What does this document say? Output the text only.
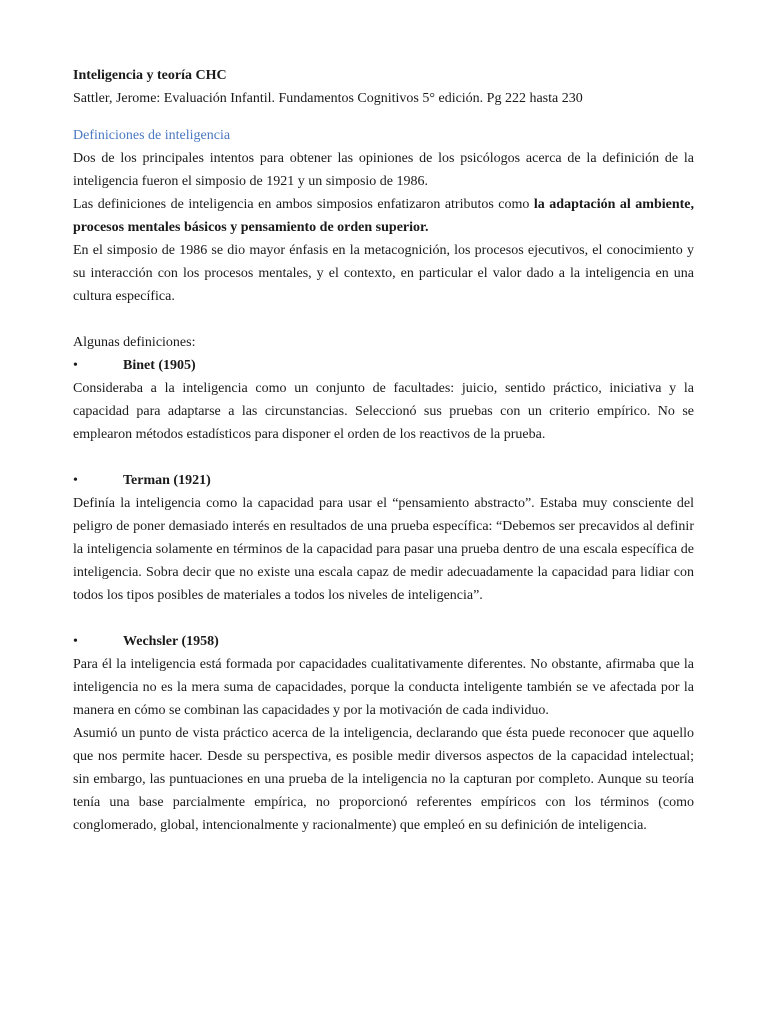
Inteligencia y teoría CHC

Sattler, Jerome: Evaluación Infantil. Fundamentos Cognitivos 5° edición. Pg 222 hasta 230

Definiciones de inteligencia

Dos de los principales intentos para obtener las opiniones de los psicólogos acerca de la definición de la inteligencia fueron el simposio de 1921 y un simposio de 1986.

Las definiciones de inteligencia en ambos simposios enfatizaron atributos como la adaptación al ambiente, procesos mentales básicos y pensamiento de orden superior.

En el simposio de 1986 se dio mayor énfasis en la metacognición, los procesos ejecutivos, el conocimiento y su interacción con los procesos mentales, y el contexto, en particular el valor dado a la inteligencia en una cultura específica.

Algunas definiciones:

•	Binet (1905)

Consideraba a la inteligencia como un conjunto de facultades: juicio, sentido práctico, iniciativa y la capacidad para adaptarse a las circunstancias. Seleccionó sus pruebas con un criterio empírico. No se emplearon métodos estadísticos para disponer el orden de los reactivos de la prueba.

•	Terman (1921)

Definía la inteligencia como la capacidad para usar el “pensamiento abstracto”. Estaba muy consciente del peligro de poner demasiado interés en resultados de una prueba específica: “Debemos ser precavidos al definir la inteligencia solamente en términos de la capacidad para pasar una prueba dentro de una escala específica de inteligencia. Sobra decir que no existe una escala capaz de medir adecuadamente la capacidad para lidiar con todos los tipos posibles de materiales a todos los niveles de inteligencia”.

•	Wechsler (1958)

Para él la inteligencia está formada por capacidades cualitativamente diferentes. No obstante, afirmaba que la inteligencia no es la mera suma de capacidades, porque la conducta inteligente también se ve afectada por la manera en cómo se combinan las capacidades y por la motivación de cada individuo.

Asumió un punto de vista práctico acerca de la inteligencia, declarando que ésta puede reconocer que aquello que nos permite hacer. Desde su perspectiva, es posible medir diversos aspectos de la capacidad intelectual; sin embargo, las puntuaciones en una prueba de la inteligencia no la capturan por completo. Aunque su teoría tenía una base parcialmente empírica, no proporcionó referentes empíricos con los términos (como conglomerado, global, intencionalmente y racionalmente) que empleó en su definición de inteligencia.
